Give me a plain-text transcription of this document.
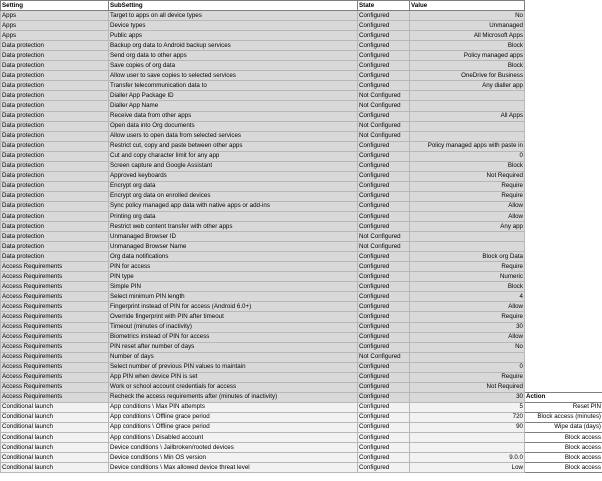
Setting	SubSetting	State	Value	
Apps	Target to apps on all device types	Configured	No	
Apps	Device types	Configured	Unmanaged	
Apps	Public apps	Configured	All Microsoft Apps	
Data protection	Backup org data to Android backup services	Configured	Block	
Data protection	Send org data to other apps	Configured	Policy managed apps	
Data protection	Save copies of org data	Configured	Block	
Data protection	Allow user to save copies to selected services	Configured	OneDrive for Business	
Data protection	Transfer telecommunication data to	Configured	Any dialler app	
Data protection	Dialler App Package ID	Not Configured		
Data protection	Dialler App Name	Not Configured		
Data protection	Receive data from other apps	Configured	All Apps	
Data protection	Open data into Org documents	Not Configured		
Data protection	Allow users to open data from selected services	Not Configured		
Data protection	Restrict cut, copy and paste between other apps	Configured	Policy managed apps with paste in	
Data protection	Cut and copy character limit for any app	Configured	0	
Data protection	Screen capture and Google Assistant	Configured	Block	
Data protection	Approved keyboards	Configured	Not Required	
Data protection	Encrypt org data	Configured	Require	
Data protection	Encrypt org data on enrolled devices	Configured	Require	
Data protection	Sync policy managed app data with native apps or add-ins	Configured	Allow	
Data protection	Printing org data	Configured	Allow	
Data protection	Restrict web content transfer with other apps	Configured	Any app	
Data protection	Unmanaged Browser ID	Not Configured		
Data protection	Unmanaged Browser Name	Not Configured		
Data protection	Org data notifications	Configured	Block org Data	
Access Requirements	PIN for access	Configured	Require	
Access Requirements	PIN type	Configured	Numeric	
Access Requirements	Simple PIN	Configured	Block	
Access Requirements	Select minimum PIN length	Configured	4	
Access Requirements	Fingerprint instead of PIN for access (Android 6.0+)	Configured	Allow	
Access Requirements	Override fingerprint with PIN after timeout	Configured	Require	
Access Requirements	Timeout (minutes of inactivity)	Configured	30	
Access Requirements	Biometrics instead of PIN for access	Configured	Allow	
Access Requirements	PIN reset after number of days	Configured	No	
Access Requirements	Number of days	Not Configured		
Access Requirements	Select number of previous PIN values to maintain	Configured	0	
Access Requirements	App PIN when device PIN is set	Configured	Require	
Access Requirements	Work or school account credentials for access	Configured	Not Required	
Access Requirements	Recheck the access requirements after (minutes of inactivity)	Configured	30	Action
Conditional launch	App conditions \ Max PIN attempts	Configured	5	Reset PIN
Conditional launch	App conditions \ Offline grace period	Configured	720	Block access (minutes)
Conditional launch	App conditions \ Offline grace period	Configured	90	Wipe data (days)
Conditional launch	App conditions \ Disabled account	Configured		Block access
Conditional launch	Device conditions \ Jailbroken/rooted devices	Configured		Block access
Conditional launch	Device conditions \ Min OS version	Configured	9.0.0	Block access
Conditional launch	Device conditions \ Max allowed device threat level	Configured	Low	Block access
